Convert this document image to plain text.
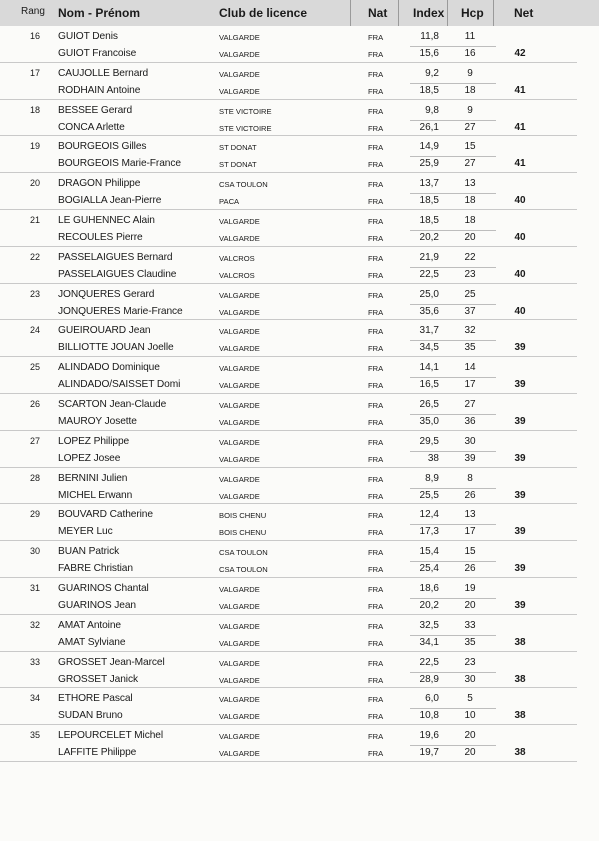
Rang Nom - Prénom	Club de licence	Nat Index Hcp	Net
16 GUIOT Denis	VALGARDE	FRA	11,8	11
GUIOT Francoise	VALGARDE	FRA	15,6	16	42
17 CAUJOLLE Bernard	VALGARDE	FRA	9,2	9
RODHAIN Antoine	VALGARDE	FRA	18,5	18	41
18 BESSEE Gerard	STE VICTOIRE	FRA	9,8	9
CONCA Arlette	STE VICTOIRE	FRA	26,1	27	41
19 BOURGEOIS Gilles	ST DONAT	FRA	14,9	15
BOURGEOIS Marie-France	ST DONAT	FRA	25,9	27	41
20 DRAGON Philippe	CSA TOULON	FRA	13,7	13
BOGIALLA Jean-Pierre	PACA	FRA	18,5	18	40
21 LE GUHENNEC Alain	VALGARDE	FRA	18,5	18
RECOULES Pierre	VALGARDE	FRA	20,2	20	40
22 PASSELAIGUES Bernard	VALCROS	FRA	21,9	22
PASSELAIGUES Claudine	VALCROS	FRA	22,5	23	40
23 JONQUERES Gerard	VALGARDE	FRA	25,0	25
JONQUERES Marie-France	VALGARDE	FRA	35,6	37	40
24 GUEIROUARD Jean	VALGARDE	FRA	31,7	32
BILLIOTTE JOUAN Joelle	VALGARDE	FRA	34,5	35	39
25 ALINDADO Dominique	VALGARDE	FRA	14,1	14
ALINDADO/SAISSET Domi	VALGARDE	FRA	16,5	17	39
26 SCARTON Jean-Claude	VALGARDE	FRA	26,5	27
MAUROY Josette	VALGARDE	FRA	35,0	36	39
27 LOPEZ Philippe	VALGARDE	FRA	29,5	30
LOPEZ Josee	VALGARDE	FRA	38	39	39
28 BERNINI Julien	VALGARDE	FRA	8,9	8
MICHEL Erwann	VALGARDE	FRA	25,5	26	39
29 BOUVARD Catherine	BOIS CHENU	FRA	12,4	13
MEYER Luc	BOIS CHENU	FRA	17,3	17	39
30 BUAN Patrick	CSA TOULON	FRA	15,4	15
FABRE Christian	CSA TOULON	FRA	25,4	26	39
31 GUARINOS Chantal	VALGARDE	FRA	18,6	19
GUARINOS Jean	VALGARDE	FRA	20,2	20	39
32 AMAT Antoine	VALGARDE	FRA	32,5	33
AMAT Sylviane	VALGARDE	FRA	34,1	35	38
33 GROSSET Jean-Marcel	VALGARDE	FRA	22,5	23
GROSSET Janick	VALGARDE	FRA	28,9	30	38
34 ETHORE Pascal	VALGARDE	FRA	6,0	5
SUDAN Bruno	VALGARDE	FRA	10,8	10	38
35 LEPOURCELET Michel	VALGARDE	FRA	19,6	20
LAFFITE Philippe	VALGARDE	FRA	19,7	20	38
